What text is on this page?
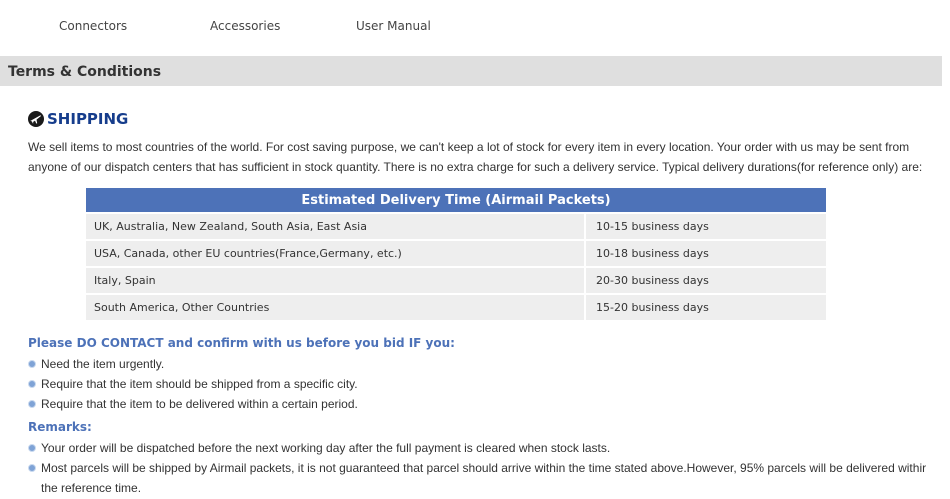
Connectors	Accessories	User Manual
Terms & Conditions
SHIPPING
We sell items to most countries of the world. For cost saving purpose, we can't keep a lot of stock for every item in every location. Your order with us may be sent from anyone of our dispatch centers that has sufficient in stock quantity. There is no extra charge for such a delivery service. Typical delivery durations(for reference only) are:
Estimated Delivery Time (Airmail Packets)	
UK, Australia, New Zealand, South Asia, East Asia	10-15 business days
USA, Canada, other EU countries(France,Germany, etc.)	10-18 business days
Italy, Spain	20-30 business days
South America, Other Countries	15-20 business days
Please DO CONTACT and confirm with us before you bid IF you:
Need the item urgently.
Require that the item should be shipped from a specific city.
Require that the item to be delivered within a certain period.
Remarks:
Your order will be dispatched before the next working day after the full payment is cleared when stock lasts.
Most parcels will be shipped by Airmail packets, it is not guaranteed that parcel should arrive within the time stated above.However, 95% parcels will be delivered withir
the reference time.
